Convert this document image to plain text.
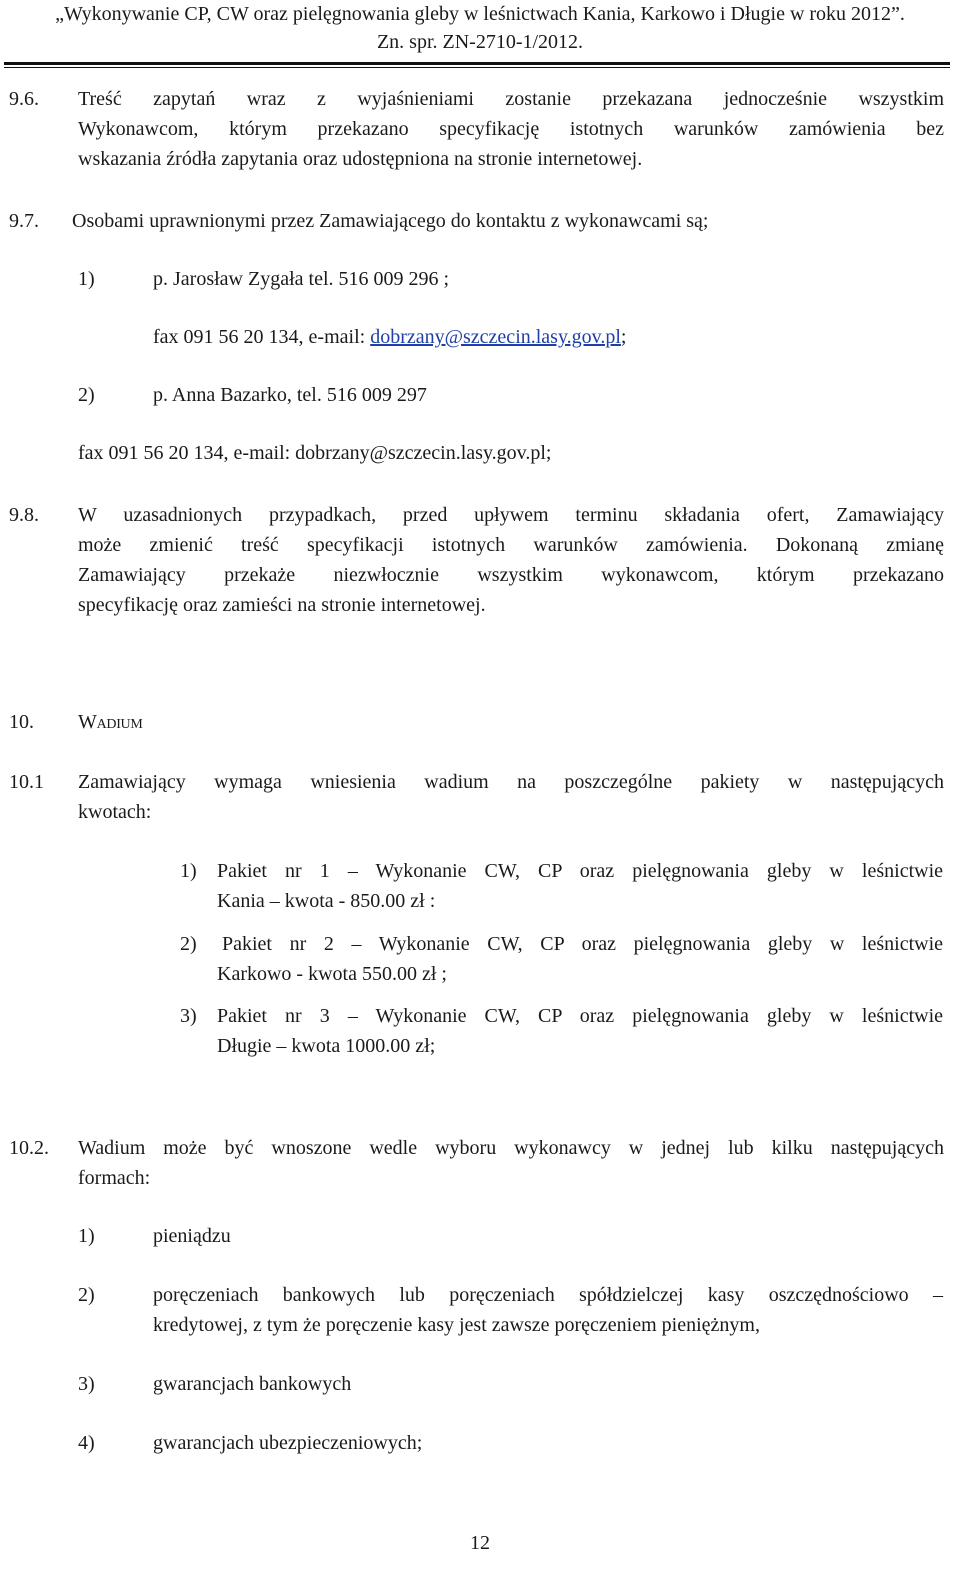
„Wykonywanie CP, CW oraz pielęgnowania gleby w leśnictwach Kania, Karkowo i Długie w roku 2012”.
Zn. spr. ZN-2710-1/2012.
9.6. Treść zapytań wraz z wyjaśnieniami zostanie przekazana jednocześnie wszystkim
Wykonawcom, którym przekazano specyfikację istotnych warunków zamówienia bez
wskazania źródła zapytania oraz udostępniona na stronie internetowej.
9.7. Osobami uprawnionymi przez Zamawiającego do kontaktu z wykonawcami są;
1)	p. Jarosław Zygała tel. 516 009 296 ;
fax 091 56 20 134, e-mail: dobrzany@szczecin.lasy.gov.pl;
2)	p. Anna Bazarko, tel. 516 009 297
fax 091 56 20 134, e-mail: dobrzany@szczecin.lasy.gov.pl;
9.8. W uzasadnionych przypadkach, przed upływem terminu składania ofert, Zamawiający
może zmienić treść specyfikacji istotnych warunków zamówienia. Dokonaną zmianę
Zamawiający przekaże niezwłocznie wszystkim wykonawcom, którym przekazano
specyfikację oraz zamieści na stronie internetowej.
10. Wadium
10.1 Zamawiający wymaga wniesienia wadium na poszczególne pakiety w następujących
kwotach:
1) Pakiet nr 1 – Wykonanie CW, CP oraz pielęgnowania gleby w leśnictwie
Kania – kwota - 850.00 zł :
2) Pakiet nr 2 – Wykonanie CW, CP oraz pielęgnowania gleby w leśnictwie
Karkowo - kwota 550.00 zł ;
3) Pakiet nr 3 – Wykonanie CW, CP oraz pielęgnowania gleby w leśnictwie
Długie – kwota 1000.00 zł;
10.2. Wadium może być wnoszone wedle wyboru wykonawcy w jednej lub kilku następujących
formach:
1)	pieniądzu
2)	poręczeniach bankowych lub poręczeniach spółdzielczej kasy oszczędnościowo –
kredytowej, z tym że poręczenie kasy jest zawsze poręczeniem pieniężnym,
3)	gwarancjach bankowych
4)	gwarancjach ubezpieczeniowych;
12
